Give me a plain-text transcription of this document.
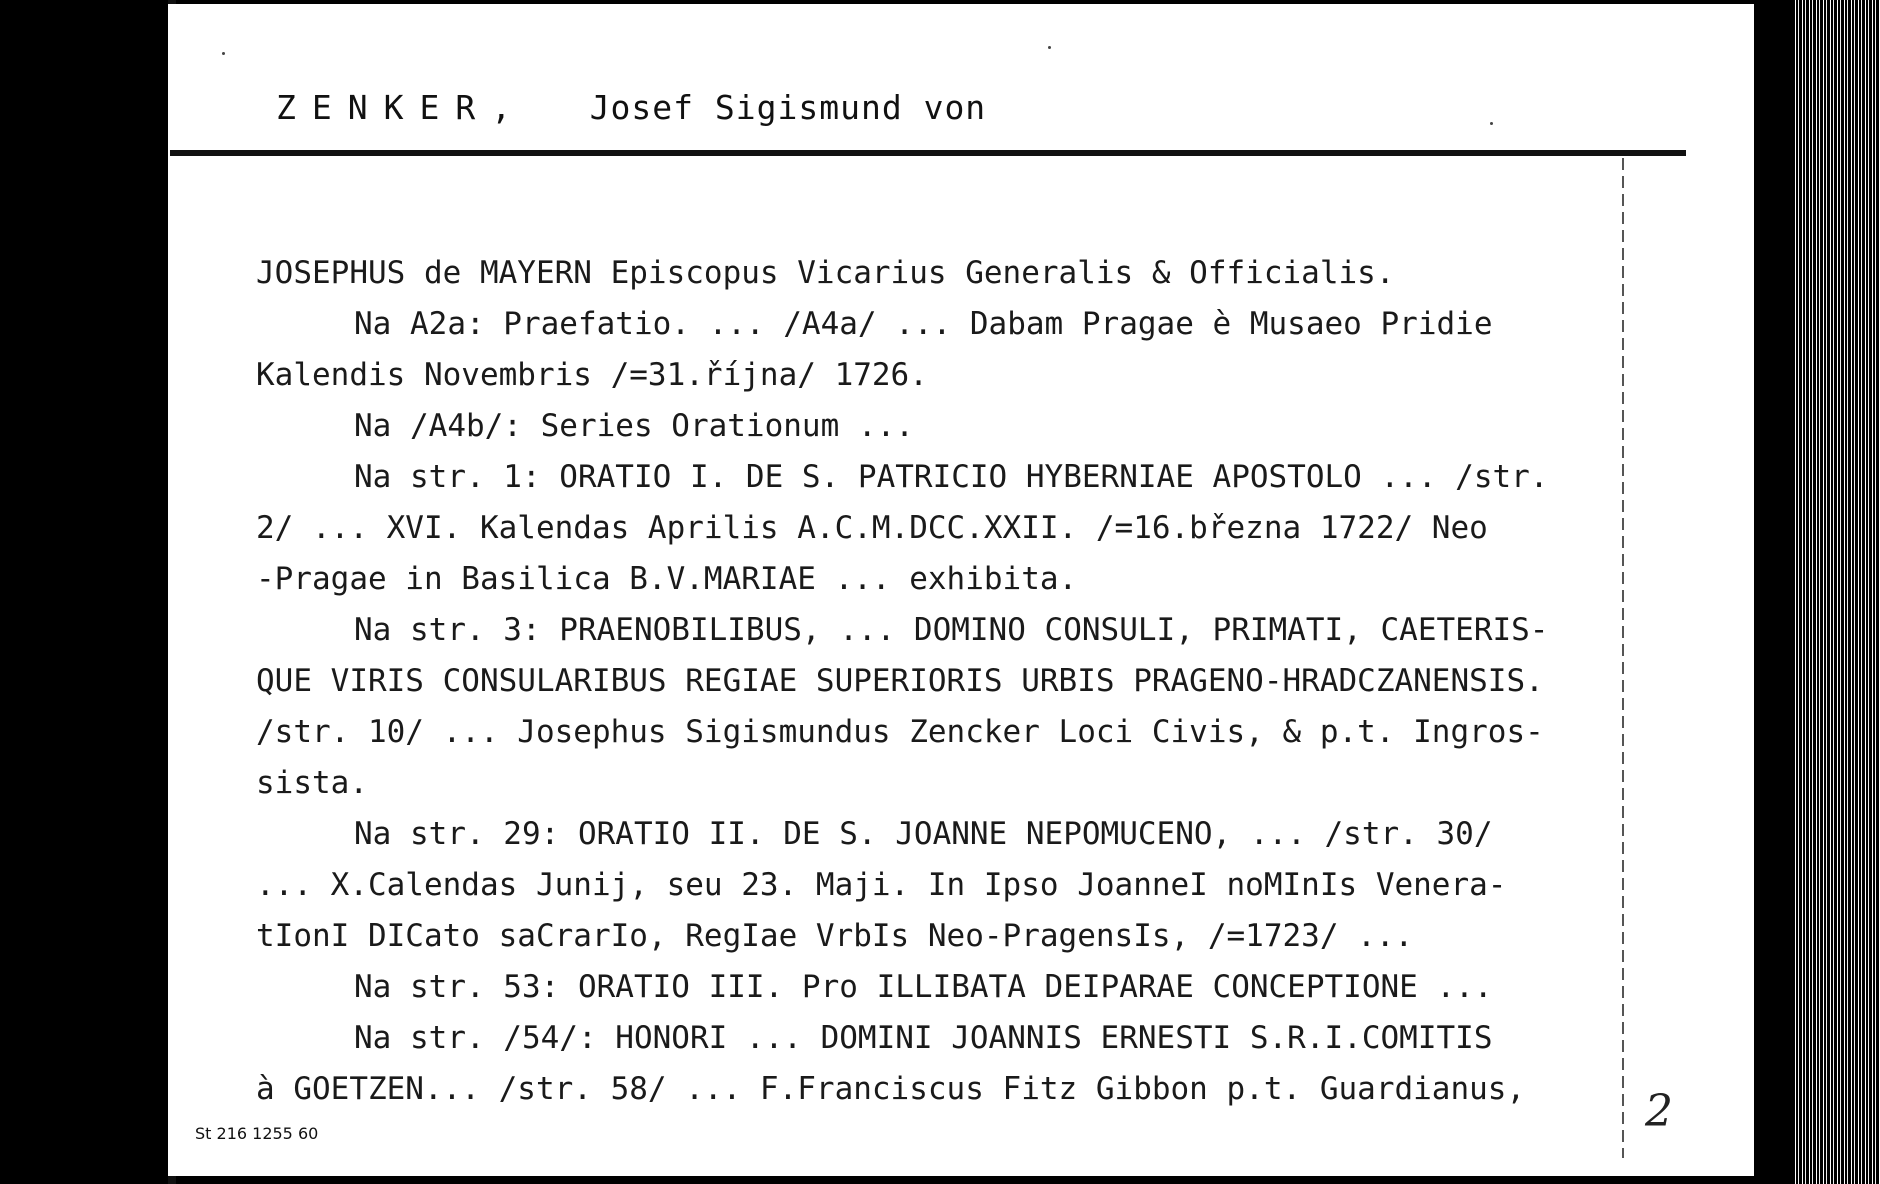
ZENKER, Josef Sigismund von

JOSEPHUS de MAYERN Episcopus Vicarius Generalis & Officialis.

Na A2a: Praefatio. ... /A4a/ ... Dabam Pragae è Musaeo Pridie

Kalendis Novembris /=31.října/ 1726.

Na /A4b/: Series Orationum ...

Na str. 1: ORATIO I. DE S. PATRICIO HYBERNIAE APOSTOLO ... /str.

2/ ... XVI. Kalendas Aprilis A.C.M.DCC.XXII. /=16.března 1722/ Neo

-Pragae in Basilica B.V.MARIAE ... exhibita.

Na str. 3: PRAENOBILIBUS, ... DOMINO CONSULI, PRIMATI, CAETERIS-

QUE VIRIS CONSULARIBUS REGIAE SUPERIORIS URBIS PRAGENO-HRADCZANENSIS.

/str. 10/ ... Josephus Sigismundus Zencker Loci Civis, & p.t. Ingros-

sista.

Na str. 29: ORATIO II. DE S. JOANNE NEPOMUCENO, ... /str. 30/

... X.Calendas Junij, seu 23. Maji. In Ipso JoanneI noMInIs Venera-

tIonI DICato saCrarIo, RegIae VrbIs Neo-PragensIs, /=1723/ ...

Na str. 53: ORATIO III. Pro ILLIBATA DEIPARAE CONCEPTIONE ...

Na str. /54/: HONORI ... DOMINI JOANNIS ERNESTI S.R.I.COMITIS

à GOETZEN... /str. 58/ ... F.Franciscus Fitz Gibbon p.t. Guardianus,

St 216 1255 60	2
